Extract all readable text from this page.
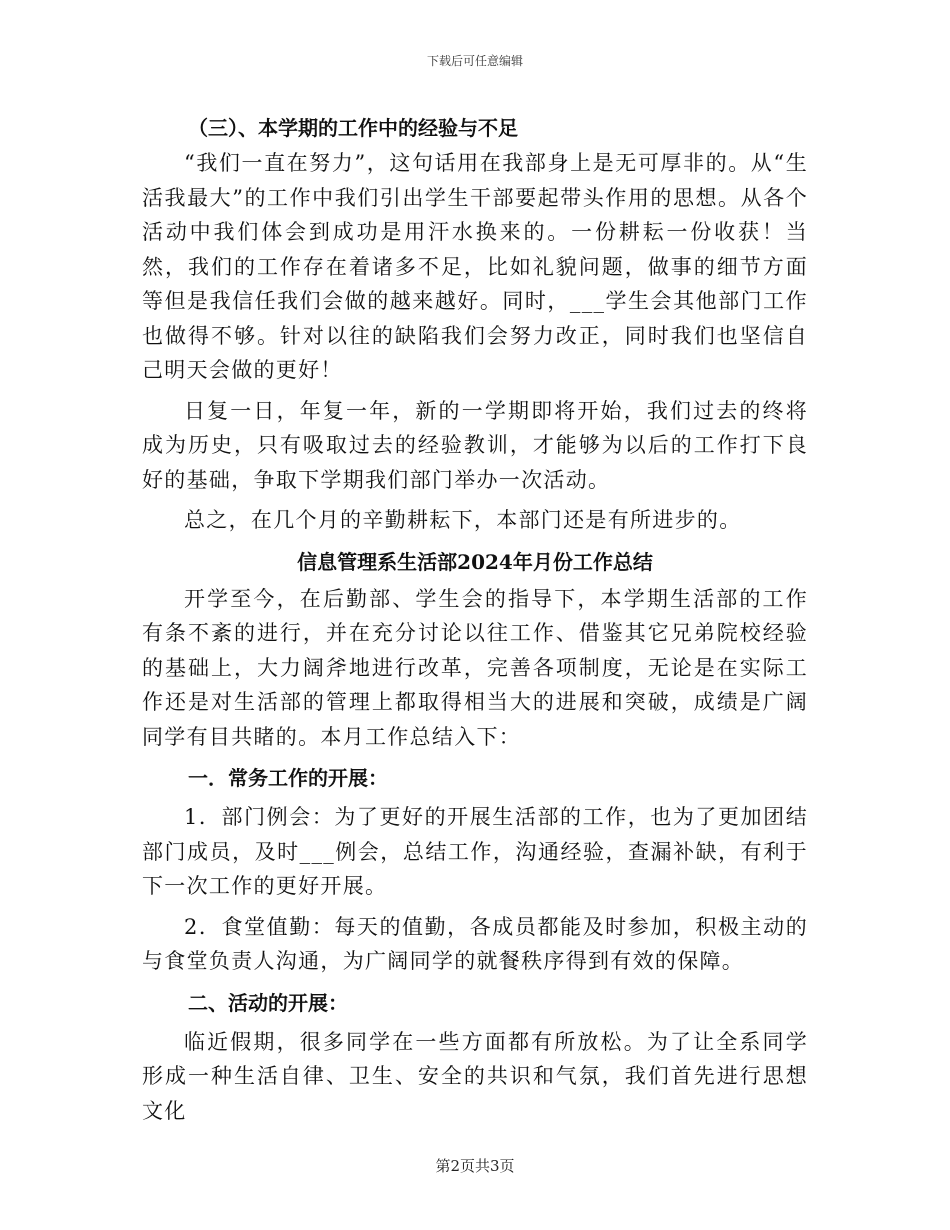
下载后可任意编辑
（三）、本学期的工作中的经验与不足

“我们一直在努力”，这句话用在我部身上是无可厚非的。从“生活我最大”的工作中我们引出学生干部要起带头作用的思想。从各个活动中我们体会到成功是用汗水换来的。一份耕耘一份收获！当然，我们的工作存在着诸多不足，比如礼貌问题，做事的细节方面等但是我信任我们会做的越来越好。同时，___学生会其他部门工作也做得不够。针对以往的缺陷我们会努力改正，同时我们也坚信自己明天会做的更好！

日复一日，年复一年，新的一学期即将开始，我们过去的终将成为历史，只有吸取过去的经验教训，才能够为以后的工作打下良好的基础，争取下学期我们部门举办一次活动。

总之，在几个月的辛勤耕耘下，本部门还是有所进步的。

信息管理系生活部2024年月份工作总结

开学至今，在后勤部、学生会的指导下，本学期生活部的工作有条不紊的进行，并在充分讨论以往工作、借鉴其它兄弟院校经验的基础上，大力阔斧地进行改革，完善各项制度，无论是在实际工作还是对生活部的管理上都取得相当大的进展和突破，成绩是广阔同学有目共睹的。本月工作总结入下：

一．常务工作的开展：

1．部门例会：为了更好的开展生活部的工作，也为了更加团结部门成员，及时___例会，总结工作，沟通经验，查漏补缺，有利于下一次工作的更好开展。

2．食堂值勤：每天的值勤，各成员都能及时参加，积极主动的与食堂负责人沟通，为广阔同学的就餐秩序得到有效的保障。

二、活动的开展：

临近假期，很多同学在一些方面都有所放松。为了让全系同学形成一种生活自律、卫生、安全的共识和气氛，我们首先进行思想文化

第2页共3页
